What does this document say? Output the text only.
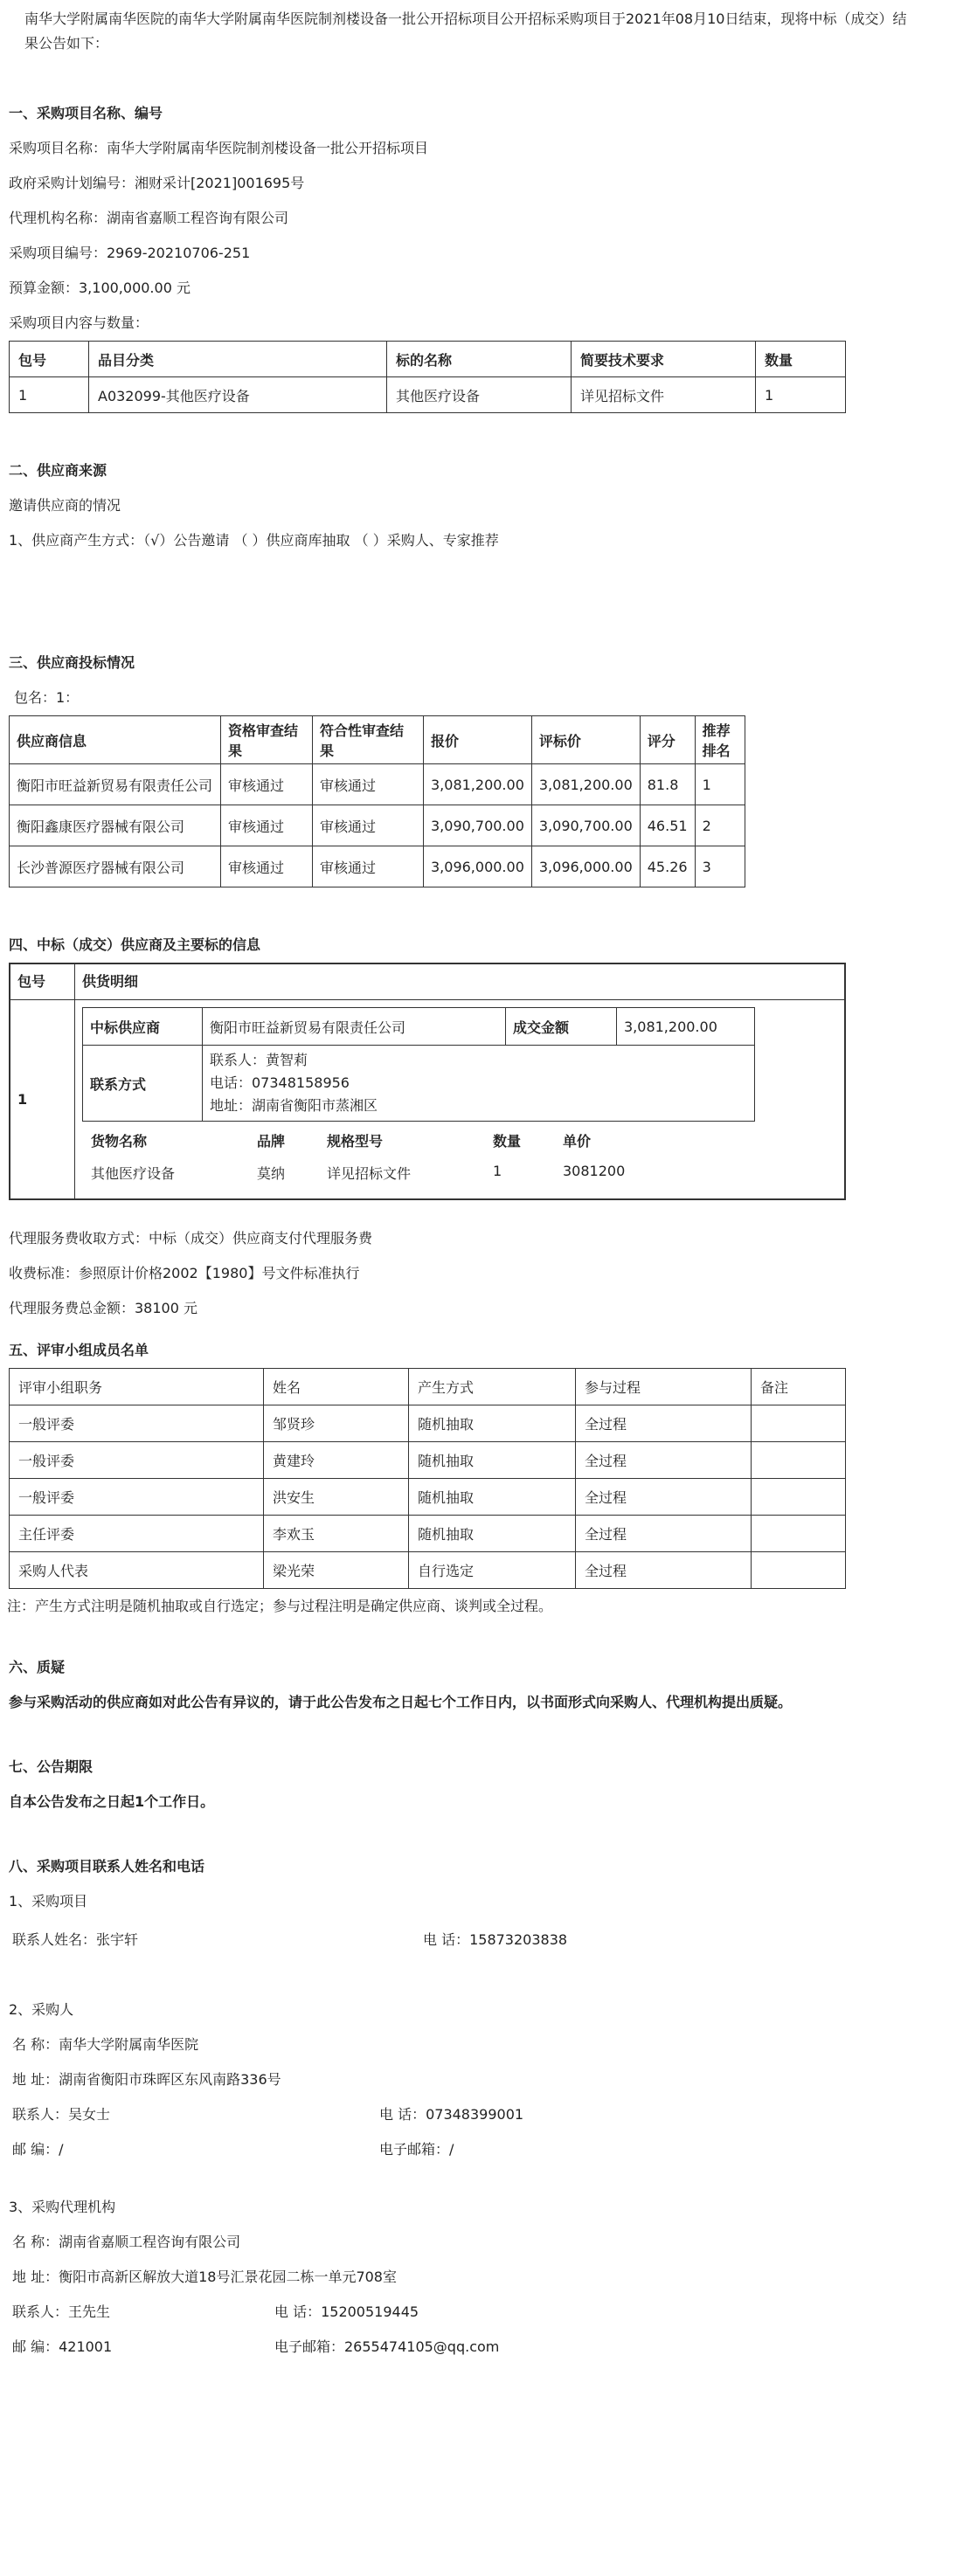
南华大学附属南华医院的南华大学附属南华医院制剂楼设备一批公开招标项目公开招标采购项目于2021年08月10日结束，现将中标（成交）结果公告如下：

一、采购项目名称、编号

采购项目名称：南华大学附属南华医院制剂楼设备一批公开招标项目

政府采购计划编号：湘财采计[2021]001695号

代理机构名称：湖南省嘉顺工程咨询有限公司

采购项目编号：2969-20210706-251

预算金额：3,100,000.00 元

采购项目内容与数量：

包号	品目分类	标的名称	简要技术要求	数量
1	A032099-其他医疗设备	其他医疗设备	详见招标文件	1

二、供应商来源

邀请供应商的情况

1、供应商产生方式：（√）公告邀请 （ ）供应商库抽取 （ ）采购人、专家推荐

三、供应商投标情况

包名：1：

供应商信息	资格审查结果	符合性审查结果	报价	评标价	评分	推荐排名
衡阳市旺益新贸易有限责任公司	审核通过	审核通过	3,081,200.00	3,081,200.00	81.8	1
衡阳鑫康医疗器械有限公司	审核通过	审核通过	3,090,700.00	3,090,700.00	46.51	2
长沙普源医疗器械有限公司	审核通过	审核通过	3,096,000.00	3,096,000.00	45.26	3

四、中标（成交）供应商及主要标的信息

包号	供货明细
1
中标供应商	衡阳市旺益新贸易有限责任公司	成交金额	3,081,200.00
联系方式	联系人：黄智莉
电话：07348158956
地址：湖南省衡阳市蒸湘区		
货物名称	品牌	规格型号	数量	单价
其他医疗设备	莫纳	详见招标文件	1	3081200

代理服务费收取方式：中标（成交）供应商支付代理服务费

收费标准：参照原计价格2002【1980】号文件标准执行

代理服务费总金额：38100 元

五、评审小组成员名单

评审小组职务	姓名	产生方式	参与过程	备注
一般评委	邹贤珍	随机抽取	全过程	
一般评委	黄建玲	随机抽取	全过程	
一般评委	洪安生	随机抽取	全过程	
主任评委	李欢玉	随机抽取	全过程	
采购人代表	梁光荣	自行选定	全过程	

注：产生方式注明是随机抽取或自行选定；参与过程注明是确定供应商、谈判或全过程。

六、质疑

参与采购活动的供应商如对此公告有异议的，请于此公告发布之日起七个工作日内，以书面形式向采购人、代理机构提出质疑。

七、公告期限

自本公告发布之日起1个工作日。

八、采购项目联系人姓名和电话

1、采购项目

联系人姓名：张宇轩	电 话：15873203838

2、采购人

名 称：南华大学附属南华医院
地 址：湖南省衡阳市珠晖区东风南路336号
联系人：吴女士	电 话：07348399001
邮 编：/	电子邮箱：/

3、采购代理机构

名 称：湖南省嘉顺工程咨询有限公司
地 址：衡阳市高新区解放大道18号汇景花园二栋一单元708室
联系人：王先生	电 话：15200519445
邮 编：421001	电子邮箱：2655474105@qq.com
